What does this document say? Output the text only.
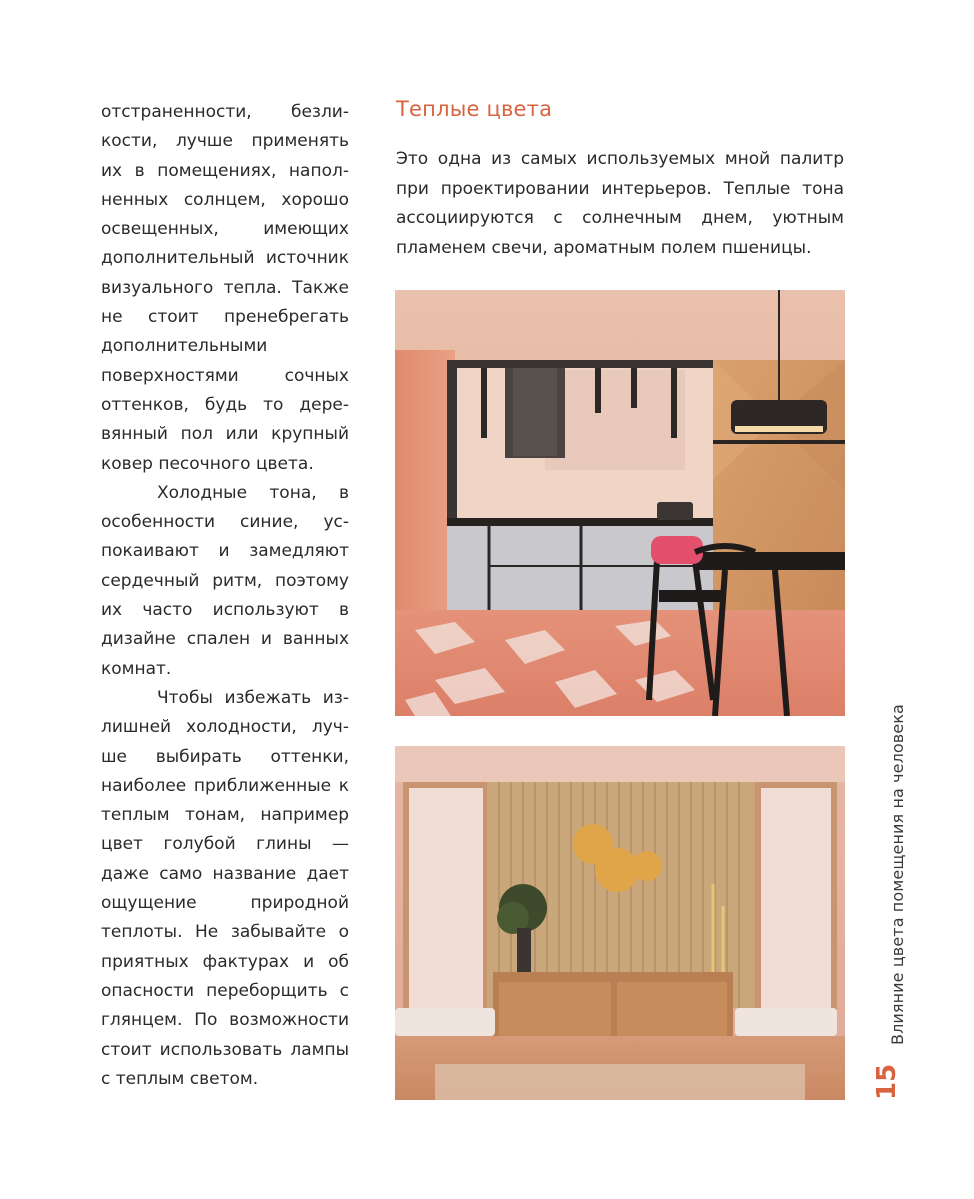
отстраненности, безликости, лучше применять их в помещениях, наполненных солнцем, хорошо освещенных, имеющих дополнительный источник визуального тепла. Также не стоит пренебрегать дополнительными поверхностями сочных оттенков, будь то деревянный пол или крупный ковер песочного цвета.

Холодные тона, в особенности синие, успокаивают и замедляют сердечный ритм, поэтому их часто используют в дизайне спален и ванных комнат.

Чтобы избежать излишней холодности, лучше выбирать оттенки, наиболее приближенные к теплым тонам, например цвет голубой глины — даже само название дает ощущение природной теплоты. Не забывайте о приятных фактурах и об опасности переборщить с глянцем. По возможности стоит использовать лампы с теплым светом.

Теплые цвета

Это одна из самых используемых мной палитр при проектировании интерьеров. Теплые тона ассоциируются с солнечным днем, уютным пламенем свечи, ароматным полем пшеницы.

Влияние цвета помещения на человека
15
